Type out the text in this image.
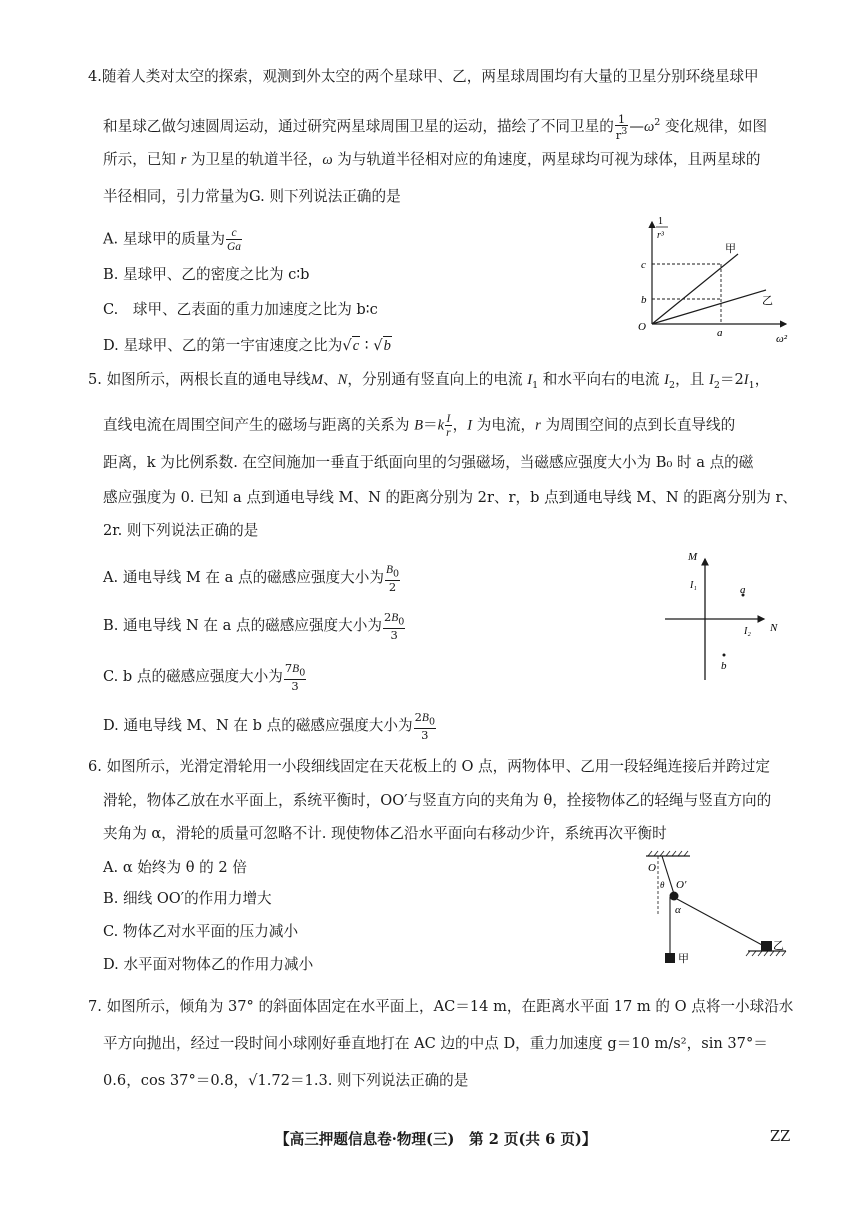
4.随着人类对太空的探索，观测到外太空的两个星球甲、乙，两星球周围均有大量的卫星分别环绕星球甲
和星球乙做匀速圆周运动，通过研究两星球周围卫星的运动，描绘了不同卫星的 $\frac{1}{r^3}$ $—\omega^2$ 变化规律，如图
所示，已知 r 为卫星的轨道半径，ω 为与轨道半径相对应的角速度，两星球均可视为球体，且两星球的
半径相同，引力常量为G. 则下列说法正确的是
A. 星球甲的质量为 $\frac{c}{Ga}$
B. 星球甲、乙的密度之比为 c∶b
C.　球甲、乙表面的重力加速度之比为 b∶c
D. 星球甲、乙的第一宇宙速度之比为√c ∶ √b
1
r³
ω²
O
c
b
a
甲
乙
5. 如图所示，两根长直的通电导线M、N，分别通有竖直向上的电流 $I_1$ 和水平向右的电流 $I_2$，且 $I_2=2I_1$，
直线电流在周围空间产生的磁场与距离的关系为 $B=k \frac{I}{r}$ ，I 为电流，r 为周围空间的点到长直导线的
距离，k 为比例系数. 在空间施加一垂直于纸面向里的匀强磁场，当磁感应强度大小为 B₀ 时 a 点的磁
感应强度为 0. 已知 a 点到通电导线 M、N 的距离分别为 2r、r，b 点到通电导线 M、N 的距离分别为 r、
2r. 则下列说法正确的是
A. 通电导线 M 在 a 点的磁感应强度大小为 $\frac{B_0}{2}$
B. 通电导线 N 在 a 点的磁感应强度大小为 $\frac{2B_0}{3}$
C. b 点的磁感应强度大小为 $\frac{7B_0}{3}$
D. 通电导线 M、N 在 b 点的磁感应强度大小为 $\frac{2B_0}{3}$
M
N
I₁
I₂
a
b
6. 如图所示，光滑定滑轮用一小段细线固定在天花板上的 O 点，两物体甲、乙用一段轻绳连接后并跨过定
滑轮，物体乙放在水平面上，系统平衡时，OO′与竖直方向的夹角为 θ，拴接物体乙的轻绳与竖直方向的
夹角为 α，滑轮的质量可忽略不计. 现使物体乙沿水平面向右移动少许，系统再次平衡时
A. α 始终为 θ 的 2 倍
B. 细线 OO′的作用力增大
C. 物体乙对水平面的压力减小
D. 水平面对物体乙的作用力减小
O
O′
θ
α
甲
乙
7. 如图所示，倾角为 37° 的斜面体固定在水平面上，AC＝14 m，在距离水平面 17 m 的 O 点将一小球沿水
平方向抛出，经过一段时间小球刚好垂直地打在 AC 边的中点 D，重力加速度 g＝10 m/s²，sin 37°＝
0.6，cos 37°＝0.8，√1.72＝1.3. 则下列说法正确的是
【高三押题信息卷·物理(三)　第 2 页(共 6 页)】	ZZ
